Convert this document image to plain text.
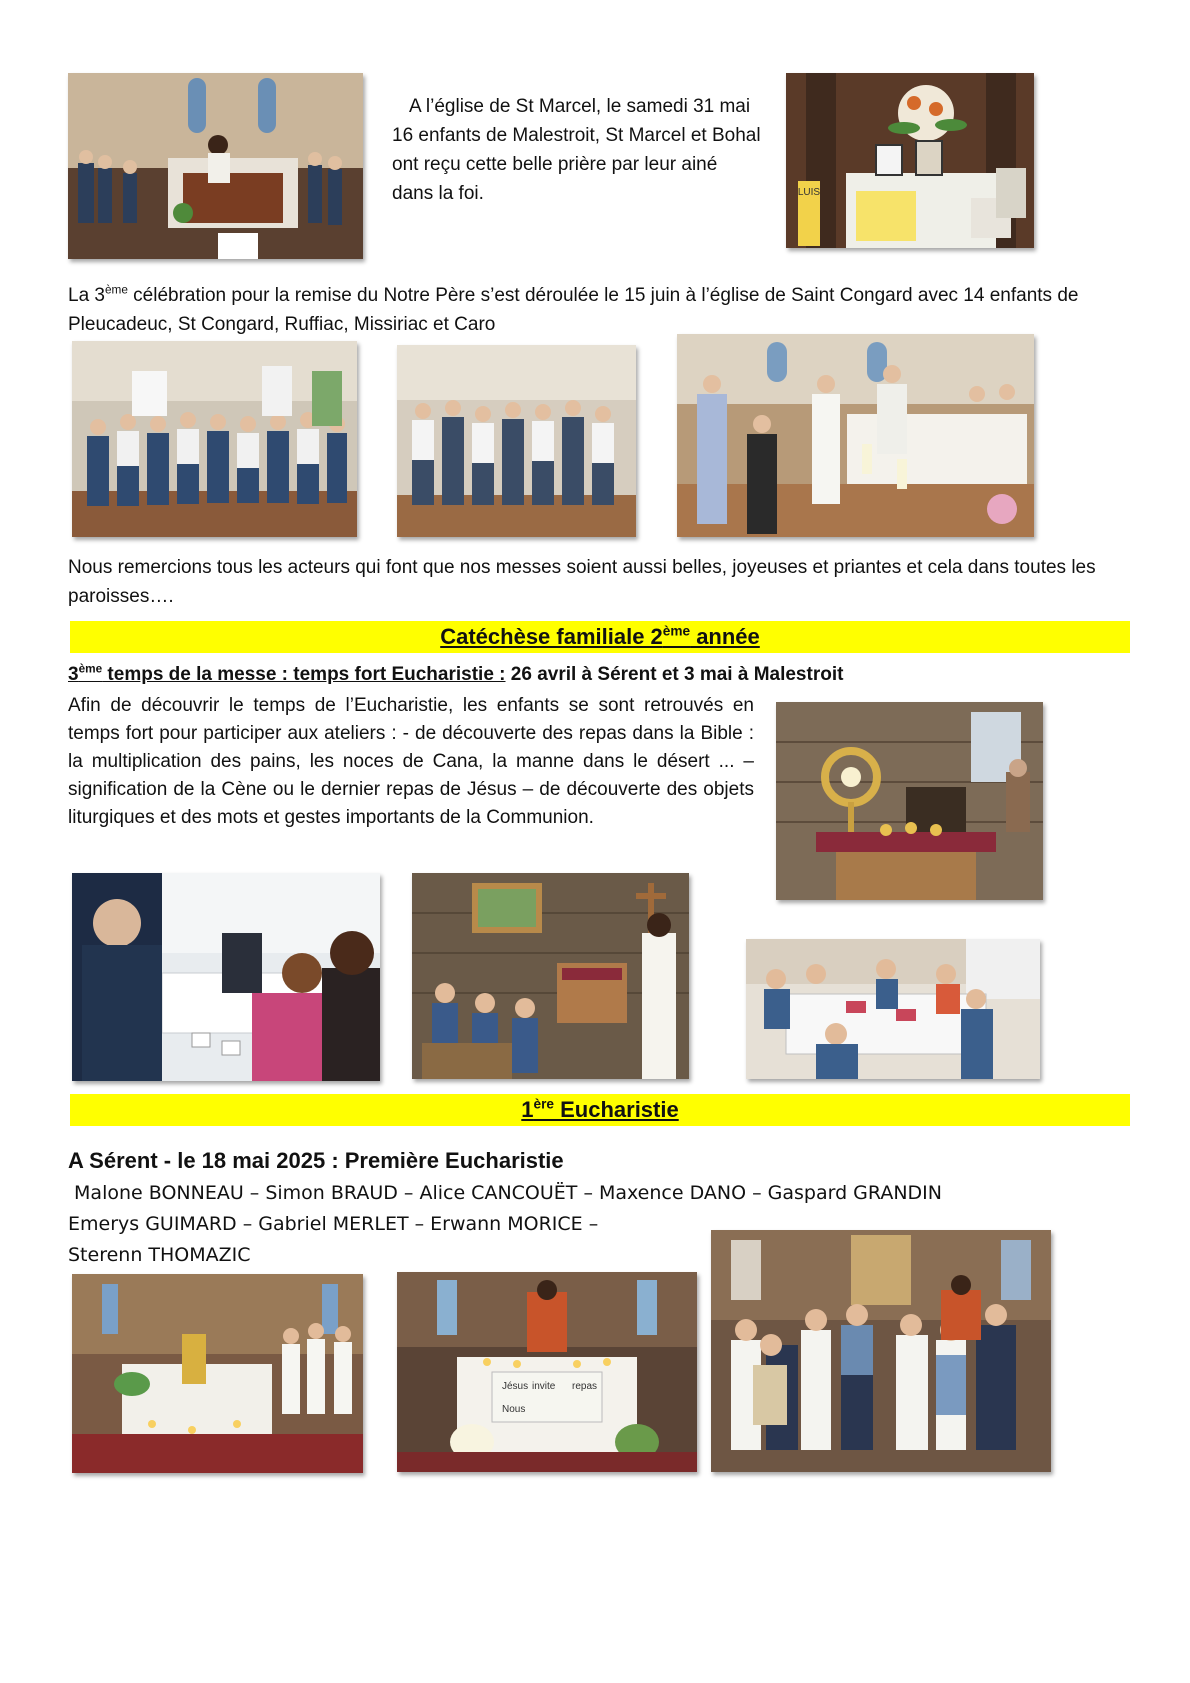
A l’église de St Marcel, le samedi 31 mai 16 enfants de Malestroit, St Marcel et Bohal ont reçu cette belle prière par leur ainé dans la foi.	LUIS
La 3ème célébration pour la remise du Notre Père s’est déroulée le 15 juin à l’église de Saint Congard avec 14 enfants de Pleucadeuc, St Congard, Ruffiac, Missiriac et Caro
Nous remercions tous les acteurs qui font que nos messes soient aussi belles, joyeuses et priantes et cela dans toutes les paroisses….
Catéchèse familiale 2ème année
3ème temps de la messe : temps fort Eucharistie : 26 avril à Sérent et 3 mai à Malestroit
Afin de découvrir le temps de l’Eucharistie, les enfants se sont retrouvés en temps fort pour participer aux ateliers : - de découverte des repas dans la Bible : la multiplication des pains, les noces de Cana, la manne dans le désert ... – signification de la Cène ou le dernier repas de Jésus – de découverte des objets liturgiques et des mots et gestes importants de la Communion.
1ère Eucharistie
A Sérent - le 18 mai 2025 : Première Eucharistie
Malone BONNEAU – Simon BRAUD – Alice CANCOUËT – Maxence DANO – Gaspard GRANDIN
Emerys GUIMARD – Gabriel MERLET – Erwann MORICE –
Sterenn THOMAZIC
Jésus invite repas
Nous
